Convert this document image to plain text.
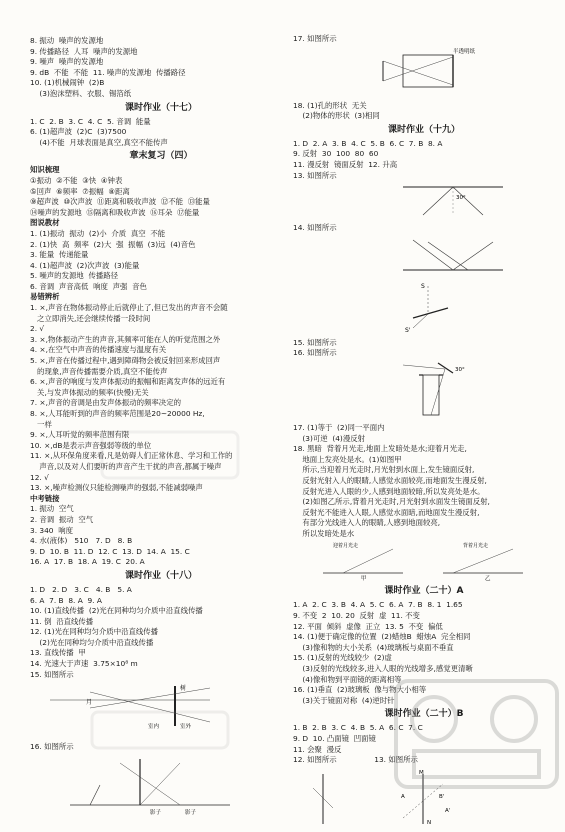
8. 振动  噪声的发源地
9. 传播路径  人耳  噪声的发源地
9. 噪声  噪声的发源地
9. dB  不能  不能  11. 噪声的发源地  传播路径
10. (1)机械闹钟  (2)B
(3)泡沫塑料、衣服、锡箔纸
课时作业（十七）
1. C  2. B  3. C  4. C  5. 音调  能量
6. (1)超声波  (2)C  (3)7500
(4)不能  月球表面是真空,真空不能传声
章末复习（四）
知识梳理
①振动  ②不能  ③快  ④钟表
⑤回声  ⑥频率  ⑦振幅  ⑧距离
⑨超声波  ⑩次声波  ⑪距离和吸收声波  ⑫不能  ⑬能量
⑭噪声的发源地  ⑮隔离和吸收声波  ⑯耳朵  ⑰能量
图说教材
1. (1)振动  振动  (2)小  介质  真空  不能
2. (1)快  高  频率  (2)大  强  振幅  (3)远  (4)音色
3. 能量  传递能量
4. (1)超声波  (2)次声波  (3)能量
5. 噪声的发源地  传播路径
6. 音调  声音高低  响度  声强  音色
易错辨析
1. ×,声音在物体振动停止后就停止了,但已发出的声音不会随
之立即消失,还会继续传播一段时间
2. √
3. ×,物体振动产生的声音,其频率可能在人的听觉范围之外
4. ×,在空气中声音的传播速度与温度有关
5. ×,声音在传播过程中,遇到障碍物会被反射回来形成回声
的现象,声音传播需要介质,真空不能传声
6. ×,声音的响度与发声体振动的振幅和距离发声体的远近有
关,与发声体振动的频率(快慢)无关
7. ×,声音的音调是由发声体振动的频率决定的
8. ×,人耳能听到的声音的频率范围是20~20000 Hz,
一样
9. ×,人耳听觉的频率范围有限
10. ×,dB是表示声音强弱等级的单位
11. ×,从环保角度来看,凡是妨碍人们正常休息、学习和工作的
声音,以及对人们要听的声音产生干扰的声音,都属于噪声
12. √
13. ×,噪声检测仪只能检测噪声的强弱,不能减弱噪声
中考链接
1. 振动  空气
2. 音调  振动  空气
3. 340  响度
4. 水(液体)   510   7. D   8. B
9. D  10. B  11. D  12. C  13. D  14. A  15. C
16. A  17. B  18. A  19. C  20. A
课时作业（十八）
1. D   2. D   3. C   4. B   5. A
6. A  7. B  8. A  9. A
10. (1)直线传播  (2)光在同种均匀介质中沿直线传播
11. 倒  沿直线传播
12. (1)光在同种均匀介质中沿直线传播
(2)光在同种均匀介质中沿直线传播
13. 直线传播  甲
14. 光速大于声速  3.75×10⁸ m
15. 如图所示
树
月
室内	室外
16. 如图所示
影子	影子
17. 如图所示
半透明纸
18. (1)孔的形状  无关
(2)物体的形状  (3)相同
课时作业（十九）
1. D  2. A  3. B  4. C  5. B  6. C  7. B  8. A
9. 反射  30  100  80  60
11. 漫反射  镜面反射  12. 升高
13. 如图所示
30°
14. 如图所示
S
S'
15. 如图所示
16. 如图所示
30°
17. (1)等于  (2)同一平面内
(3)可逆  (4)漫反射
18. 黑暗  背着月光走,地面上发暗处是水;迎着月光走,
地面上发亮处是水。(1)如图甲
所示,当迎着月光走时,月光射到水面上,发生镜面反射,
反射光射入人的眼睛,人感觉水面较亮,而地面发生漫反射,
反射光进入人眼的少,人感到地面较暗,所以发亮处是水。
(2)如图乙所示,背着月光走时,月光射到水面发生镜面反射,
反射光不能进入人眼,人感觉水面暗,而地面发生漫反射,
有部分光线进入人的眼睛,人感到地面较亮,
所以发暗处是水
迎着月光走	背着月光走
甲	乙
课时作业（二十）A
1. A  2. C  3. B  4. A  5. C  6. A  7. B  8. 1  1.65
9. 不变  2  10. 20  反射  虚  11. 不变
12. 平面  倾斜  虚像  正立  13. 5  不变  偏低
14. (1)便于确定像的位置  (2)蜡烛B  蜡烛A  完全相同
(3)像和物的大小关系  (4)玻璃板与桌面不垂直
15. (1)反射的光线较少  (2)虚
(3)反射的光线较多,进入人眼的光线增多,感觉更清晰
(4)像和物到平面镜的距离相等
16. (1)垂直  (2)玻璃板  像与物大小相等
(3)关于镜面对称  (4)逆时针
课时作业（二十）B
1. B  2. B  3. C  4. B  5. A  6. C  7. C
9. D  10. 凸面镜  凹面镜
11. 会聚  漫反
12. 如图所示                13. 如图所示
M
A	B'
N
A'
